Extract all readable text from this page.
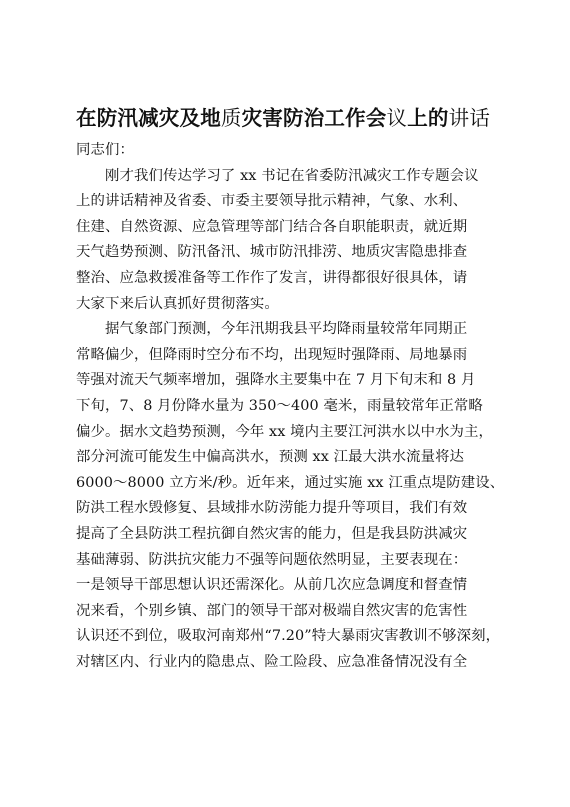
在防汛减灾及地质灾害防治工作会议上的讲话
同志们：
刚才我们传达学习了 xx 书记在省委防汛减灾工作专题会议
上的讲话精神及省委、市委主要领导批示精神，气象、水利、
住建、自然资源、应急管理等部门结合各自职能职责，就近期
天气趋势预测、防汛备汛、城市防汛排涝、地质灾害隐患排查
整治、应急救援准备等工作作了发言，讲得都很好很具体，请
大家下来后认真抓好贯彻落实。
据气象部门预测，今年汛期我县平均降雨量较常年同期正
常略偏少，但降雨时空分布不均，出现短时强降雨、局地暴雨
等强对流天气频率增加，强降水主要集中在 7 月下旬末和 8 月
下旬，7、8 月份降水量为 350～400 毫米，雨量较常年正常略
偏少。据水文趋势预测，今年 xx 境内主要江河洪水以中水为主，
部分河流可能发生中偏高洪水，预测 xx 江最大洪水流量将达
6000～8000 立方米/秒。近年来，通过实施 xx 江重点堤防建设、
防洪工程水毁修复、县域排水防涝能力提升等项目，我们有效
提高了全县防洪工程抗御自然灾害的能力，但是我县防洪减灾
基础薄弱、防洪抗灾能力不强等问题依然明显，主要表现在：
一是领导干部思想认识还需深化。从前几次应急调度和督查情
况来看，个别乡镇、部门的领导干部对极端自然灾害的危害性
认识还不到位，吸取河南郑州“7.20”特大暴雨灾害教训不够深刻，
对辖区内、行业内的隐患点、险工险段、应急准备情况没有全
